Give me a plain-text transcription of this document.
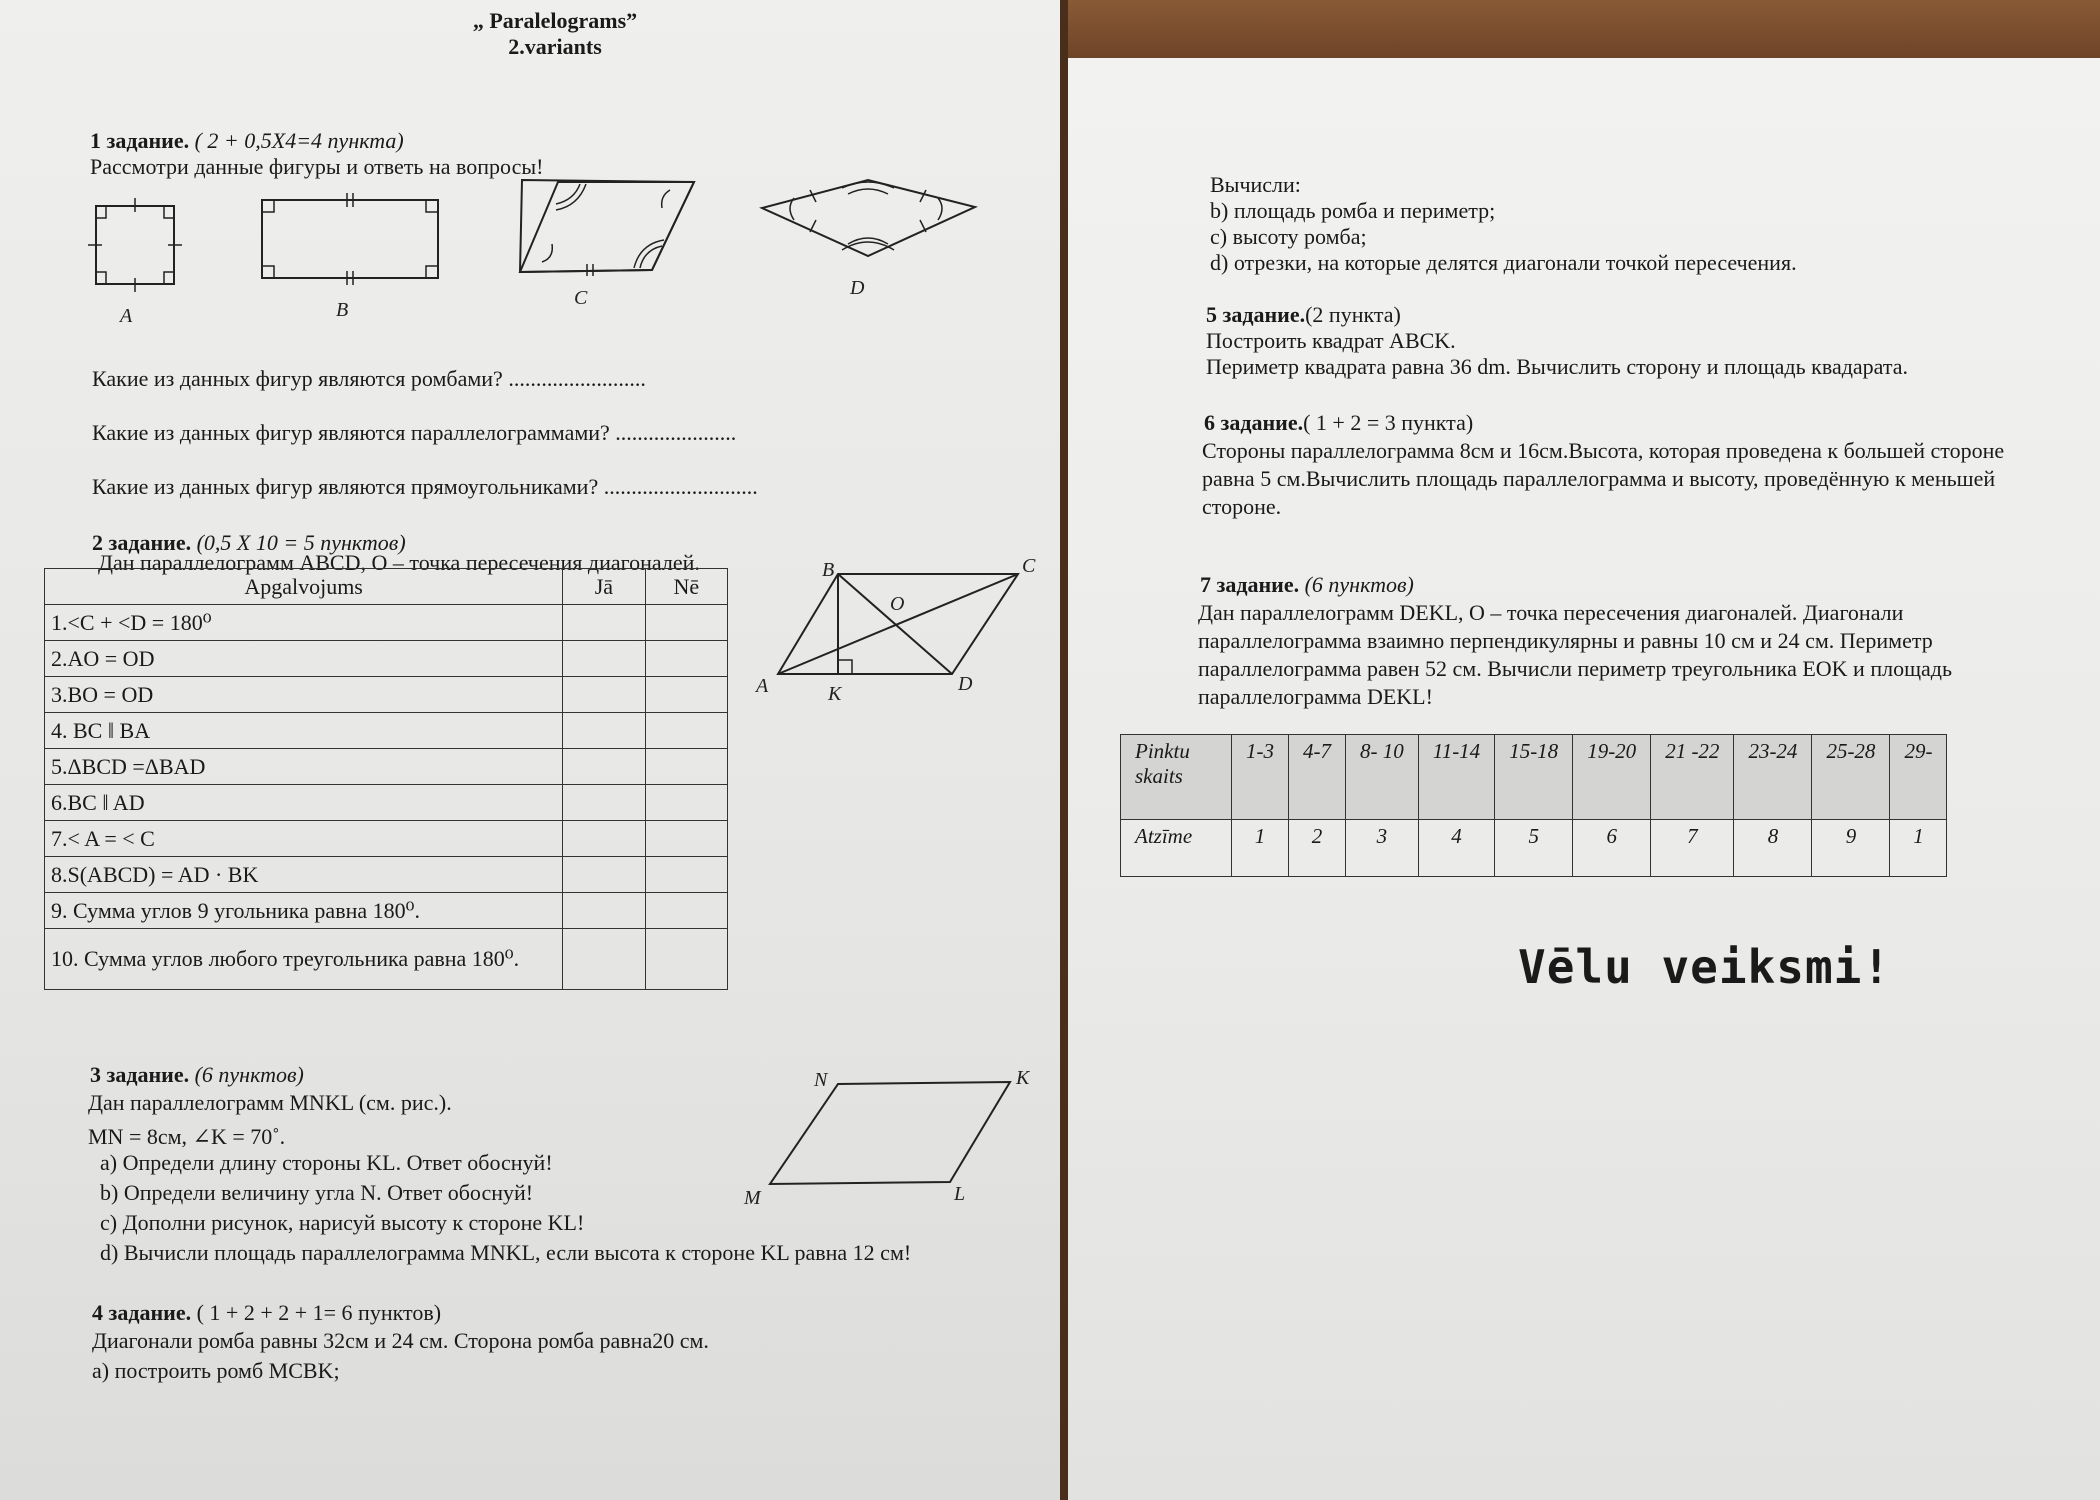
„ Paralelograms”
2.variants
1 задание. ( 2 + 0,5X4=4 пункта)
Рассмотри данные фигуры и ответь на вопросы!
A	B
C	D
Какие из данных фигур являются ромбами? .........................
Какие из данных фигур являются параллелограммами? ......................
Какие из данных фигур являются прямоугольниками? ............................
2 задание. (0,5 X 10 = 5 пунктов)
Дан параллелограмм ABCD, O – точка пересечения диагоналей.
Apgalvojums	Jā	Nē
1.<C + <D = 180⁰		
2.AO = OD		
3.BO = OD		
4. BC ‖ BA		
5.ΔBCD =ΔBAD		
6.BC ‖ AD		
7.< A = < C		
8.S(ABCD) = AD · BK		
9. Сумма углов 9 угольника равна 180⁰.		
10. Сумма углов любого треугольника равна 180⁰.		
B	C
O
A	K	D
3 задание. (6 пунктов)
Дан параллелограмм MNKL (см. рис.).
MN = 8см, ∠K = 70˚.
a) Определи длину стороны KL. Ответ обоснуй!
b) Определи величину угла N. Ответ обоснуй!
c) Дополни рисунок, нарисуй высоту к стороне KL!
d) Вычисли площадь параллелограмма MNKL, если высота к стороне KL равна 12 см!
N	K
M	L
4 задание. ( 1 + 2 + 2 + 1= 6 пунктов)
Диагонали ромба равны 32см и 24 см. Сторона ромба равна20 см.
a) построить ромб MCBK;
Вычисли:
b) площадь ромба и периметр;
c) высоту ромба;
d) отрезки, на которые делятся диагонали точкой пересечения.
5 задание.(2 пункта)
Построить квадрат ABCK.
Периметр квадрата равна 36 dm. Вычислить сторону и площадь квадарата.
6 задание.( 1 + 2 = 3 пункта)
Стороны параллелограмма 8см и 16см.Высота, которая проведена к большей стороне
равна 5 см.Вычислить площадь параллелограмма и высоту, проведённую к меньшей
стороне.
7 задание. (6 пунктов)
Дан параллелограмм DEKL, O – точка пересечения диагоналей. Диагонали
параллелограмма взаимно перпендикулярны и равны 10 см и 24 см. Периметр
параллелограмма равен 52 см. Вычисли периметр треугольника EOK и площадь
параллелограмма DEKL!
Pinktu skaits	1-3	4-7	8- 10	11-14	15-18	19-20	21 -22	23-24	25-28	29-
Atzīme	1	2	3	4	5	6	7	8	9	1
Vēlu veiksmi!
